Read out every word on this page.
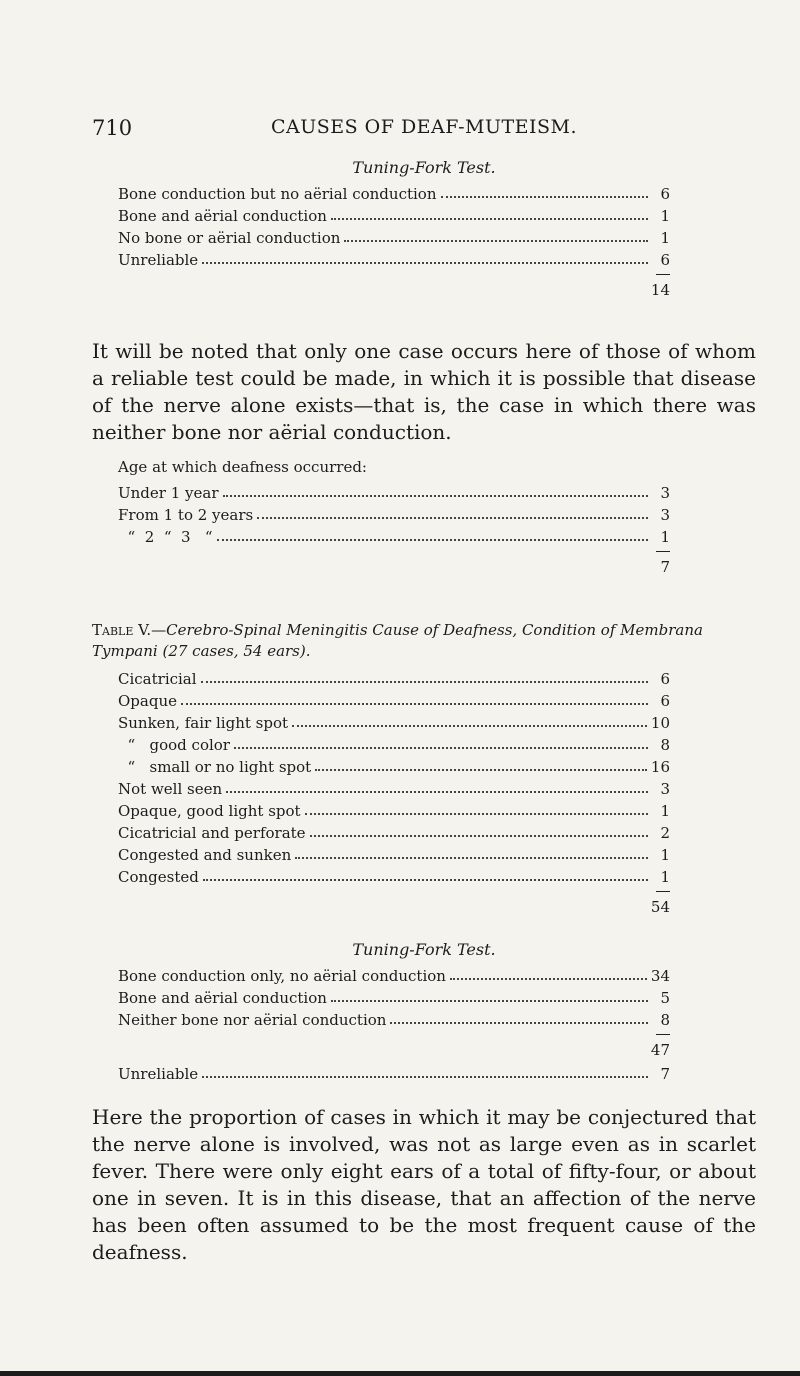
710	CAUSES OF DEAF-MUTEISM.
Tuning-Fork Test.
Bone conduction but no aërial conduction	6
Bone and aërial conduction	1
No bone or aërial conduction	1
Unreliable	6
14

It will be noted that only one case occurs here of those of whom a reliable test could be made, in which it is possible that disease of the nerve alone exists—that is, the case in which there was neither bone nor aërial conduction.

Age at which deafness occurred:
Under 1 year	3
From 1 to 2 years	3
“  2  “  3   “	1
7
Table V.—Cerebro-Spinal Meningitis Cause of Deafness, Condition of Membrana Tympani (27 cases, 54 ears).
Cicatricial	6
Opaque	6
Sunken, fair light spot	10
“   good color	8
“   small or no light spot	16
Not well seen	3
Opaque, good light spot	1
Cicatricial and perforate	2
Congested and sunken	1
Congested	1
54
Tuning-Fork Test.
Bone conduction only, no aërial conduction	34
Bone and aërial conduction	5
Neither bone nor aërial conduction	8
47
Unreliable	7

Here the proportion of cases in which it may be conjectured that the nerve alone is involved, was not as large even as in scarlet fever. There were only eight ears of a total of fifty-four, or about one in seven. It is in this disease, that an affection of the nerve has been often assumed to be the most frequent cause of the deafness.
